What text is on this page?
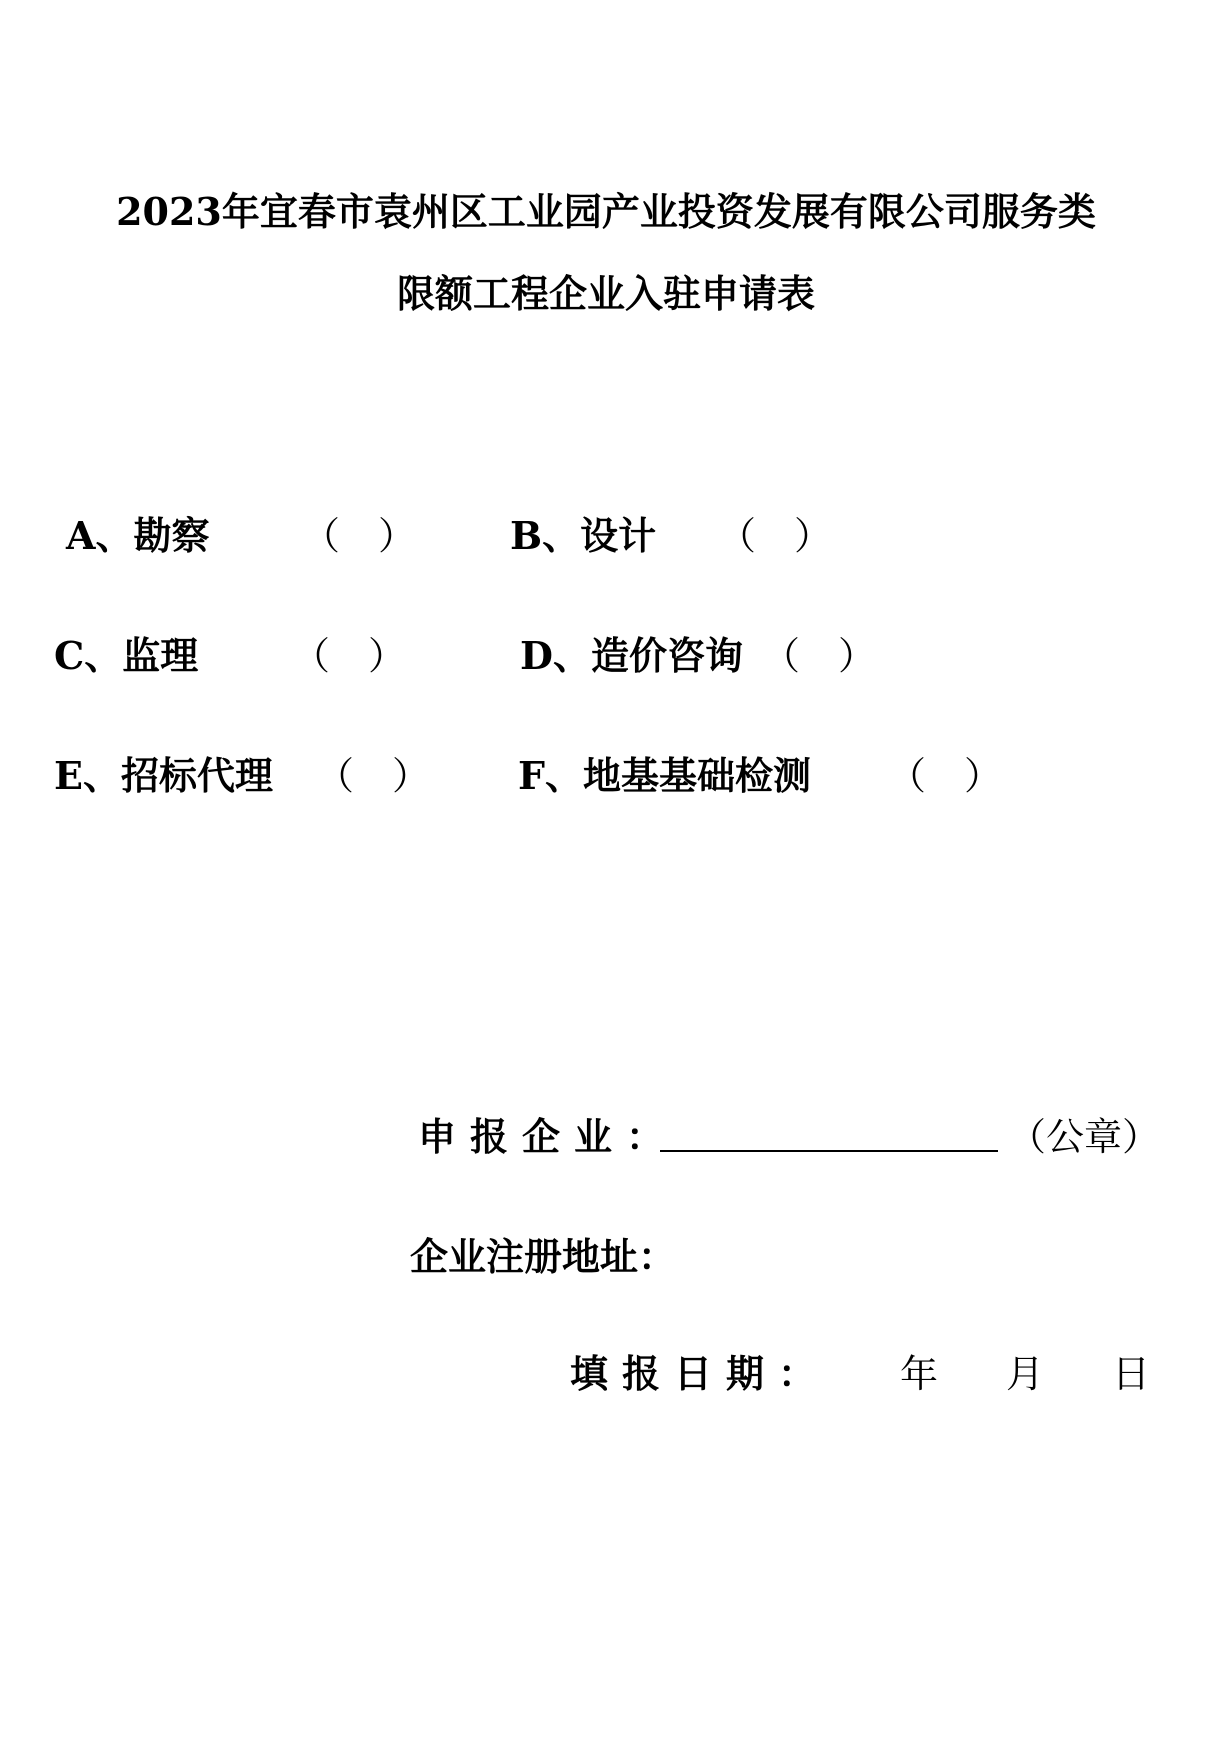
2023年宜春市袁州区工业园产业投资发展有限公司服务类
限额工程企业入驻申请表
A、勘察 （　） B、设计 （　）
C、监理 （　）	D、造价咨询 （　）
E、招标代理 （　） F、地基基础检测 （　）
申报企业：	（公章）
企业注册地址：
填报日期： 年 月 日
